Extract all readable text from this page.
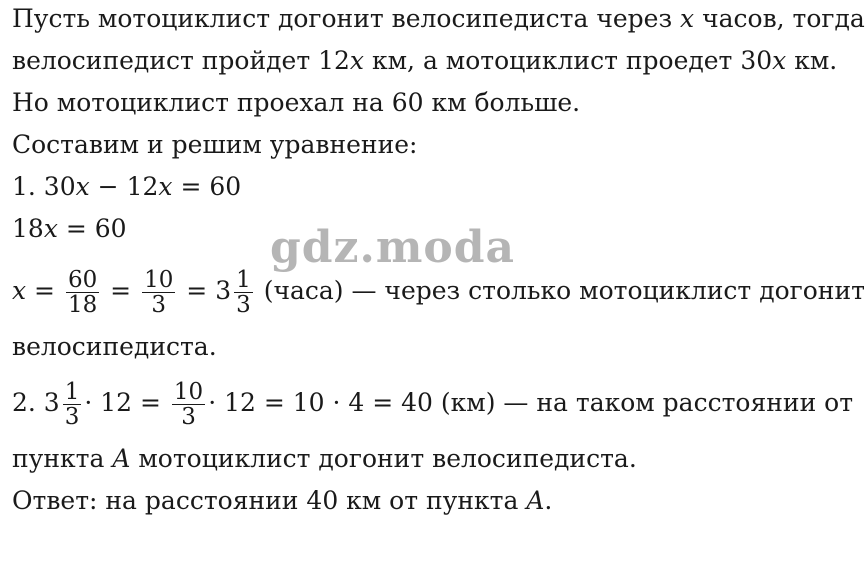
gdz.moda
Пусть мотоциклист догонит велосипедиста через x часов, тогда
велосипедист пройдет 12x км, а мотоциклист проедет 30x км.
Но мотоциклист проехал на 60 км больше.
Составим и решим уравнение:
1. 30x − 12x = 60
18x = 60
$x = \frac{60}{18} = \frac{10}{3} = 3 \frac{1}{3}$ (часа) — через столько мотоциклист догонит
велосипедиста.
2. $3 \frac{1}{3} \cdot 12 = \frac{10}{3} \cdot 12 = 10 \cdot 4 = 40$ (км) — на таком расстоянии от
пункта A мотоциклист догонит велосипедиста.
Ответ: на расстоянии 40 км от пункта A.
